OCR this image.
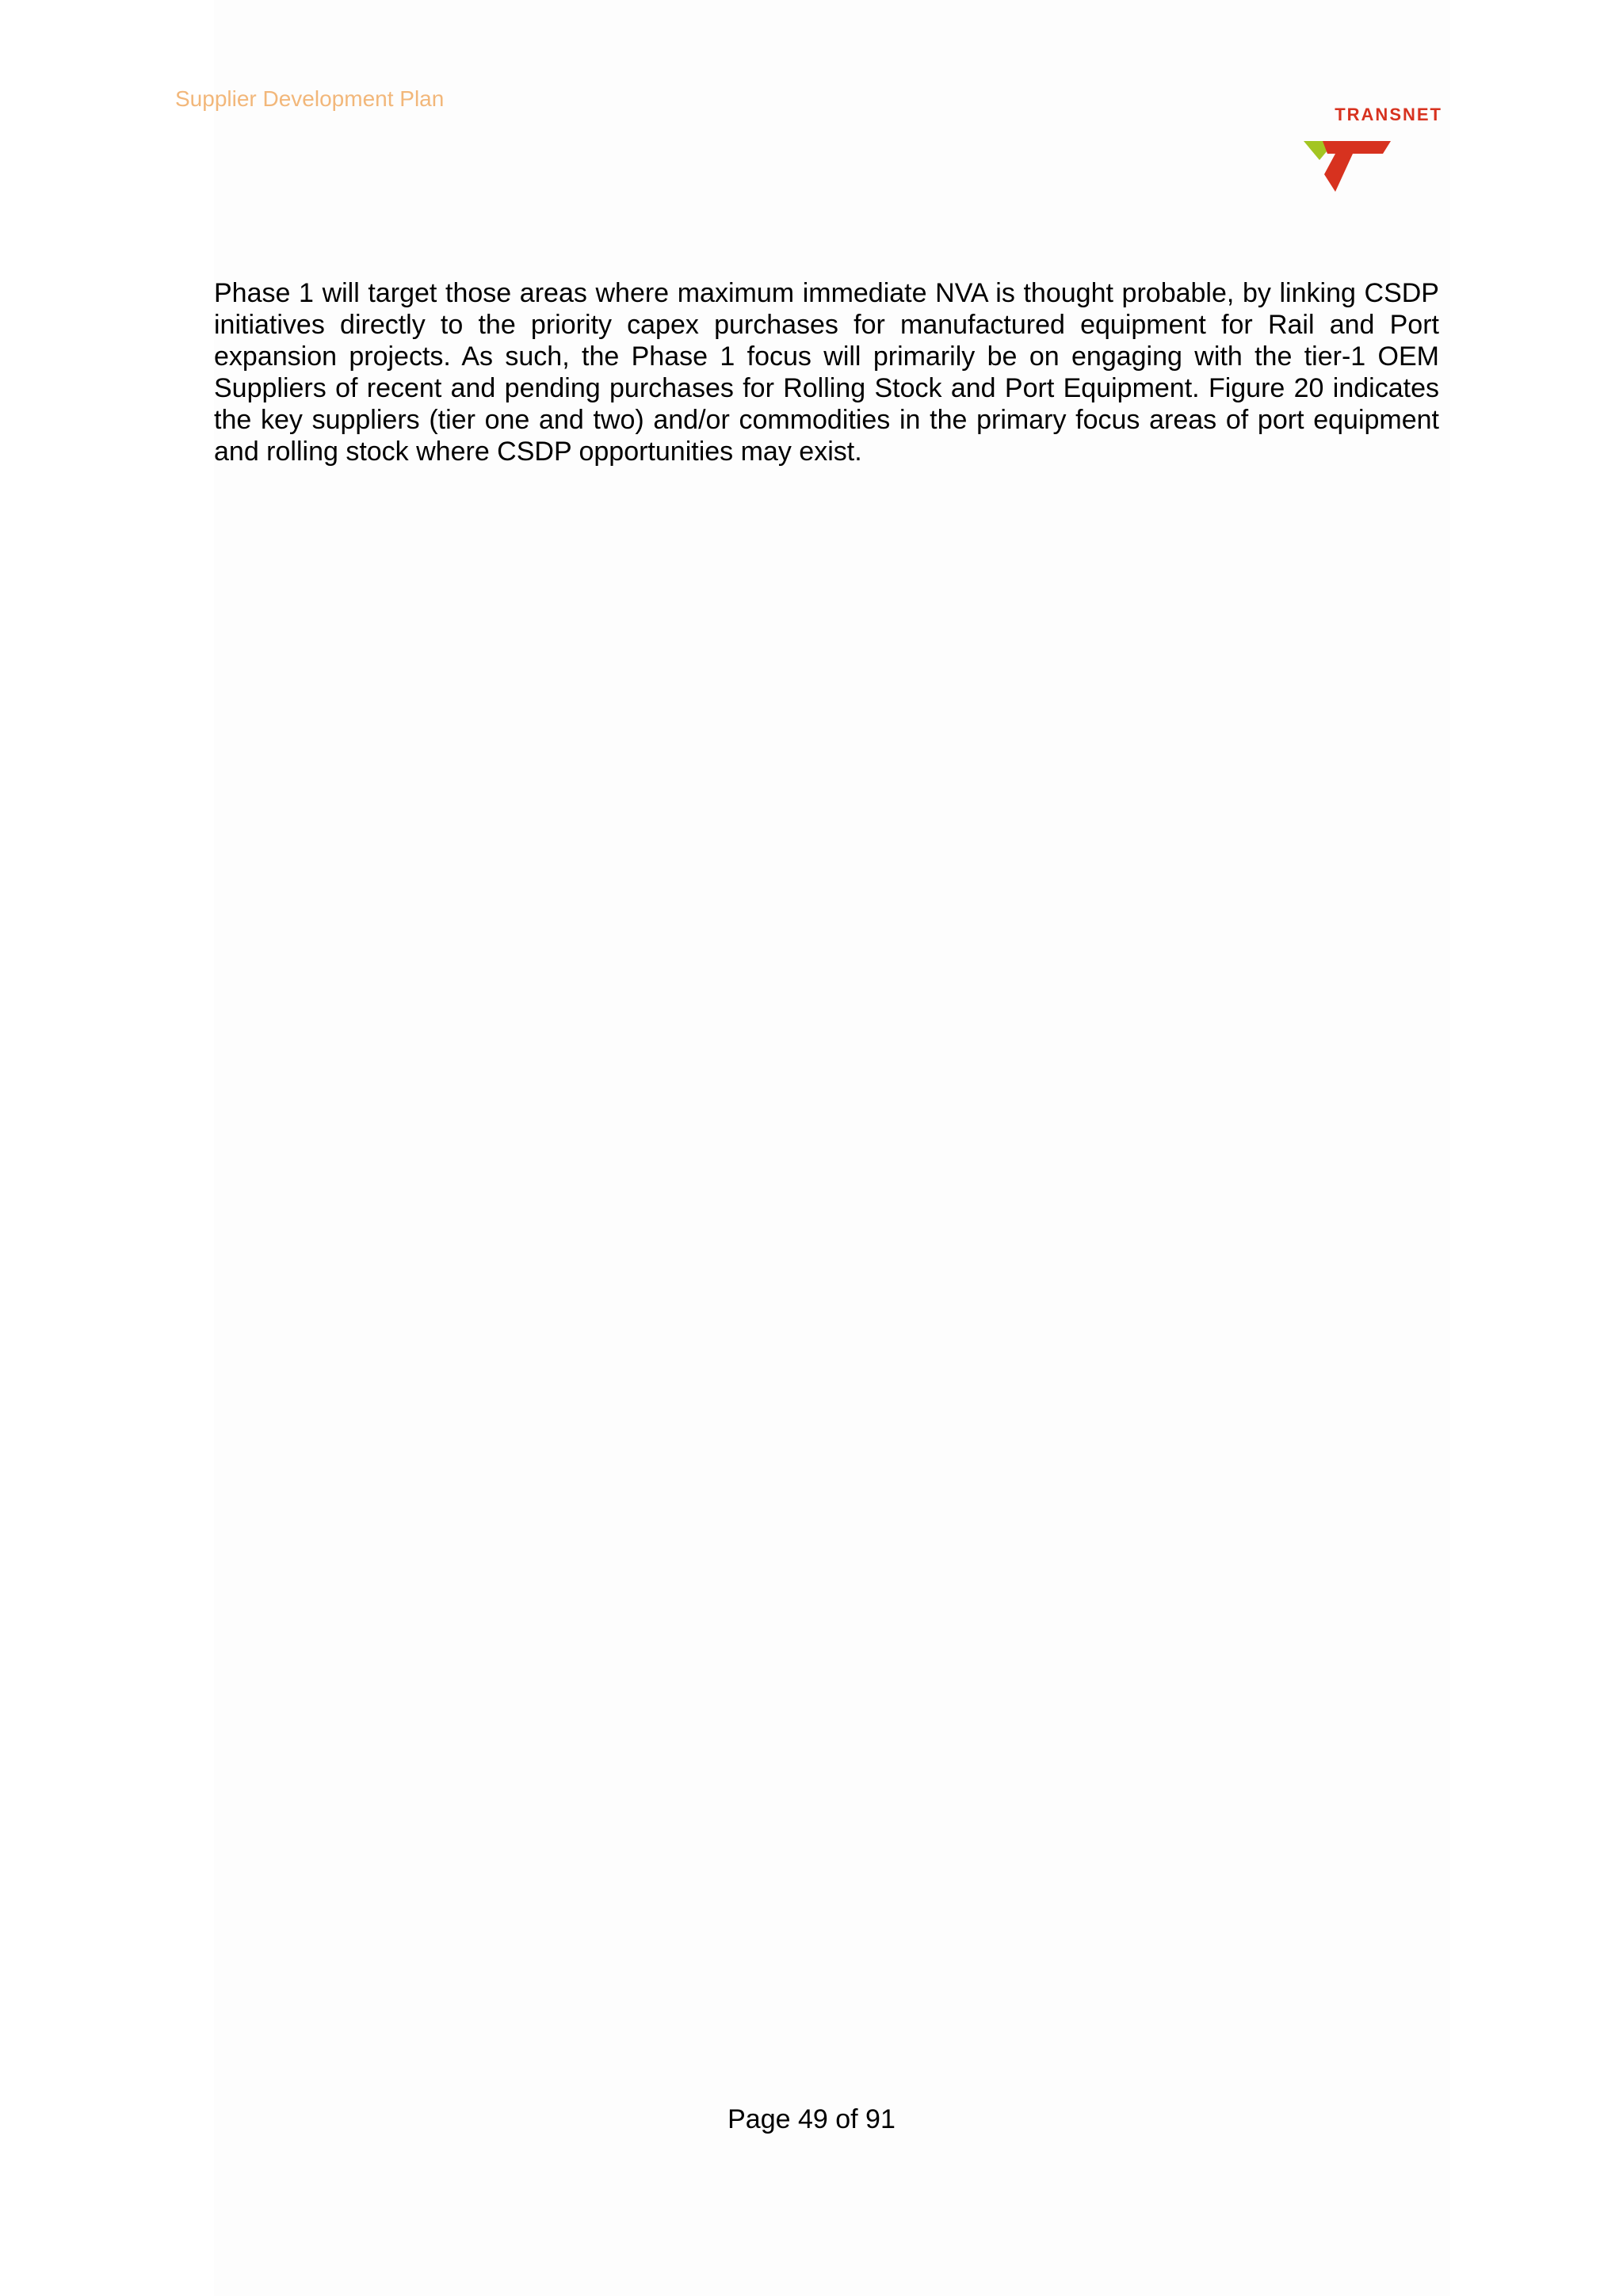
Supplier Development Plan
TRANSNET
Phase 1 will target those areas where maximum immediate NVA is thought probable, by linking CSDP initiatives directly to the priority capex purchases for manufactured equipment for Rail and Port expansion projects. As such, the Phase 1 focus will primarily be on engaging with the tier-1 OEM Suppliers of recent and pending purchases for Rolling Stock and Port Equipment. Figure 20 indicates the key suppliers (tier one and two) and/or commodities in the primary focus areas of port equipment and rolling stock where CSDP opportunities may exist.
Page 49 of 91
